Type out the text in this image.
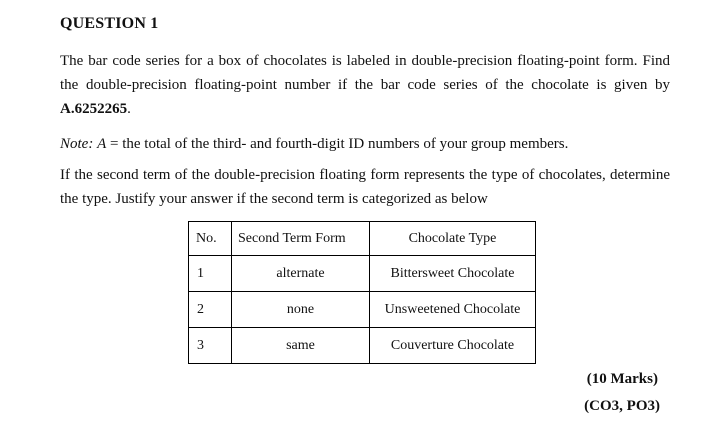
QUESTION 1
The bar code series for a box of chocolates is labeled in double-precision floating-point form. Find the double-precision floating-point number if the bar code series of the chocolate is given by A.6252265.
Note: A = the total of the third- and fourth-digit ID numbers of your group members.
If the second term of the double-precision floating form represents the type of chocolates, determine the type. Justify your answer if the second term is categorized as below
No.	Second Term Form	Chocolate Type
1	alternate	Bittersweet Chocolate
2	none	Unsweetened Chocolate
3	same	Couverture Chocolate
(10 Marks)
(CO3, PO3)
